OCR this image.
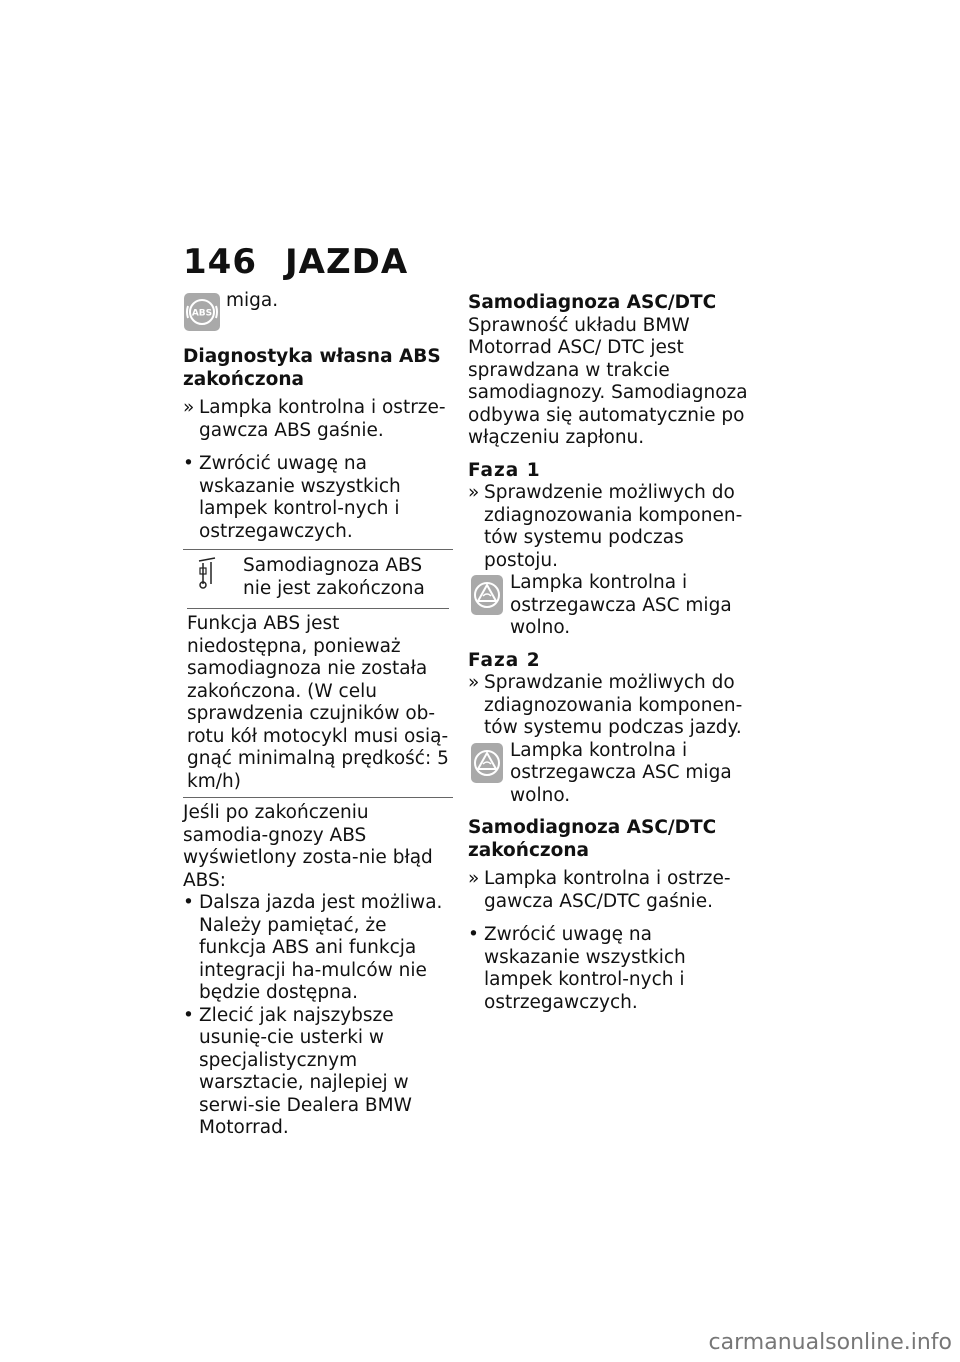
146 JAZDA
ABS

miga.

Diagnostyka własna ABS zakończona

» Lampka kontrolna i ostrze-gawcza ABS gaśnie.

• Zwrócić uwagę na wskazanie wszystkich lampek kontrol-nych i ostrzegawczych.

Samodiagnoza ABS nie jest zakończona

Funkcja ABS jest niedostępna, ponieważ samodiagnoza nie została zakończona. (W celu sprawdzenia czujników ob-rotu kół motocykl musi osią-gnąć minimalną prędkość: 5 km/h)

Jeśli po zakończeniu samodia-gnozy ABS wyświetlony zosta-nie błąd ABS:

• Dalsza jazda jest możliwa. Należy pamiętać, że funkcja ABS ani funkcja integracji ha-mulców nie będzie dostępna.

• Zlecić jak najszybsze usunię-cie usterki w specjalistycznym warsztacie, najlepiej w serwi-sie Dealera BMW Motorrad.

Samodiagnoza ASC/DTC

Sprawność układu BMW Motorrad ASC/ DTC jest sprawdzana w trakcie samodiagnozy. Samodiagnoza odbywa się automatycznie po włączeniu zapłonu.

Faza 1

» Sprawdzenie możliwych do zdiagnozowania komponen-tów systemu podczas postoju.

Lampka kontrolna i ostrzegawcza ASC miga wolno.

Faza 2

» Sprawdzanie możliwych do zdiagnozowania komponen-tów systemu podczas jazdy.

Lampka kontrolna i ostrzegawcza ASC miga wolno.

Samodiagnoza ASC/DTC zakończona

» Lampka kontrolna i ostrze-gawcza ASC/DTC gaśnie.

• Zwrócić uwagę na wskazanie wszystkich lampek kontrol-nych i ostrzegawczych.

carmanualsonline.info
